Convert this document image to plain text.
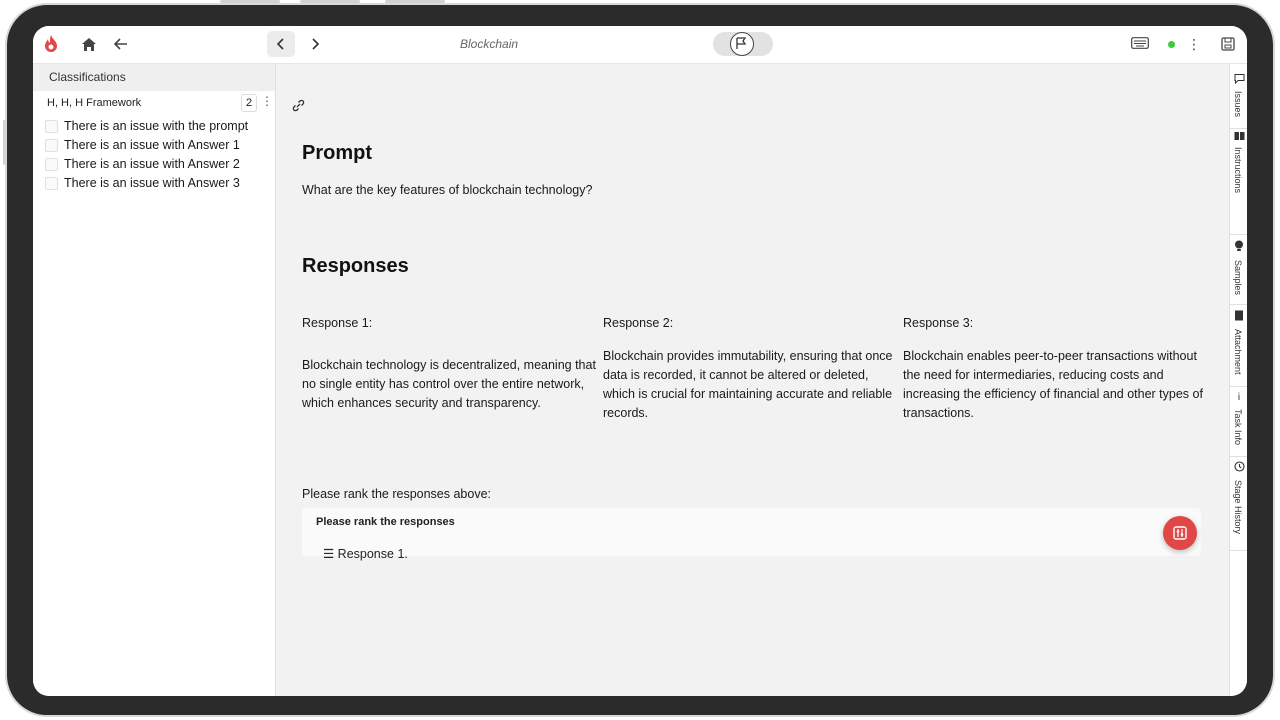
Blockchain	⋮
Classifications
H, H, H Framework	2 ⋮
There is an issue with the prompt
There is an issue with Answer 1
There is an issue with Answer 2
There is an issue with Answer 3
Prompt
What are the key features of blockchain technology?
Responses
Response 1:
Blockchain technology is decentralized, meaning that no single entity has control over the entire network, which enhances security and transparency.
Response 2:
Blockchain provides immutability, ensuring that once data is recorded, it cannot be altered or deleted, which is crucial for maintaining accurate and reliable records.
Response 3:
Blockchain enables peer-to-peer transactions without the need for intermediaries, reducing costs and increasing the efficiency of financial and other types of transactions.
Please rank the responses above:
Please rank the responses
☰ Response 1.
Issues
Instructions
Samples
Attachment
i
Task Info
Stage History
